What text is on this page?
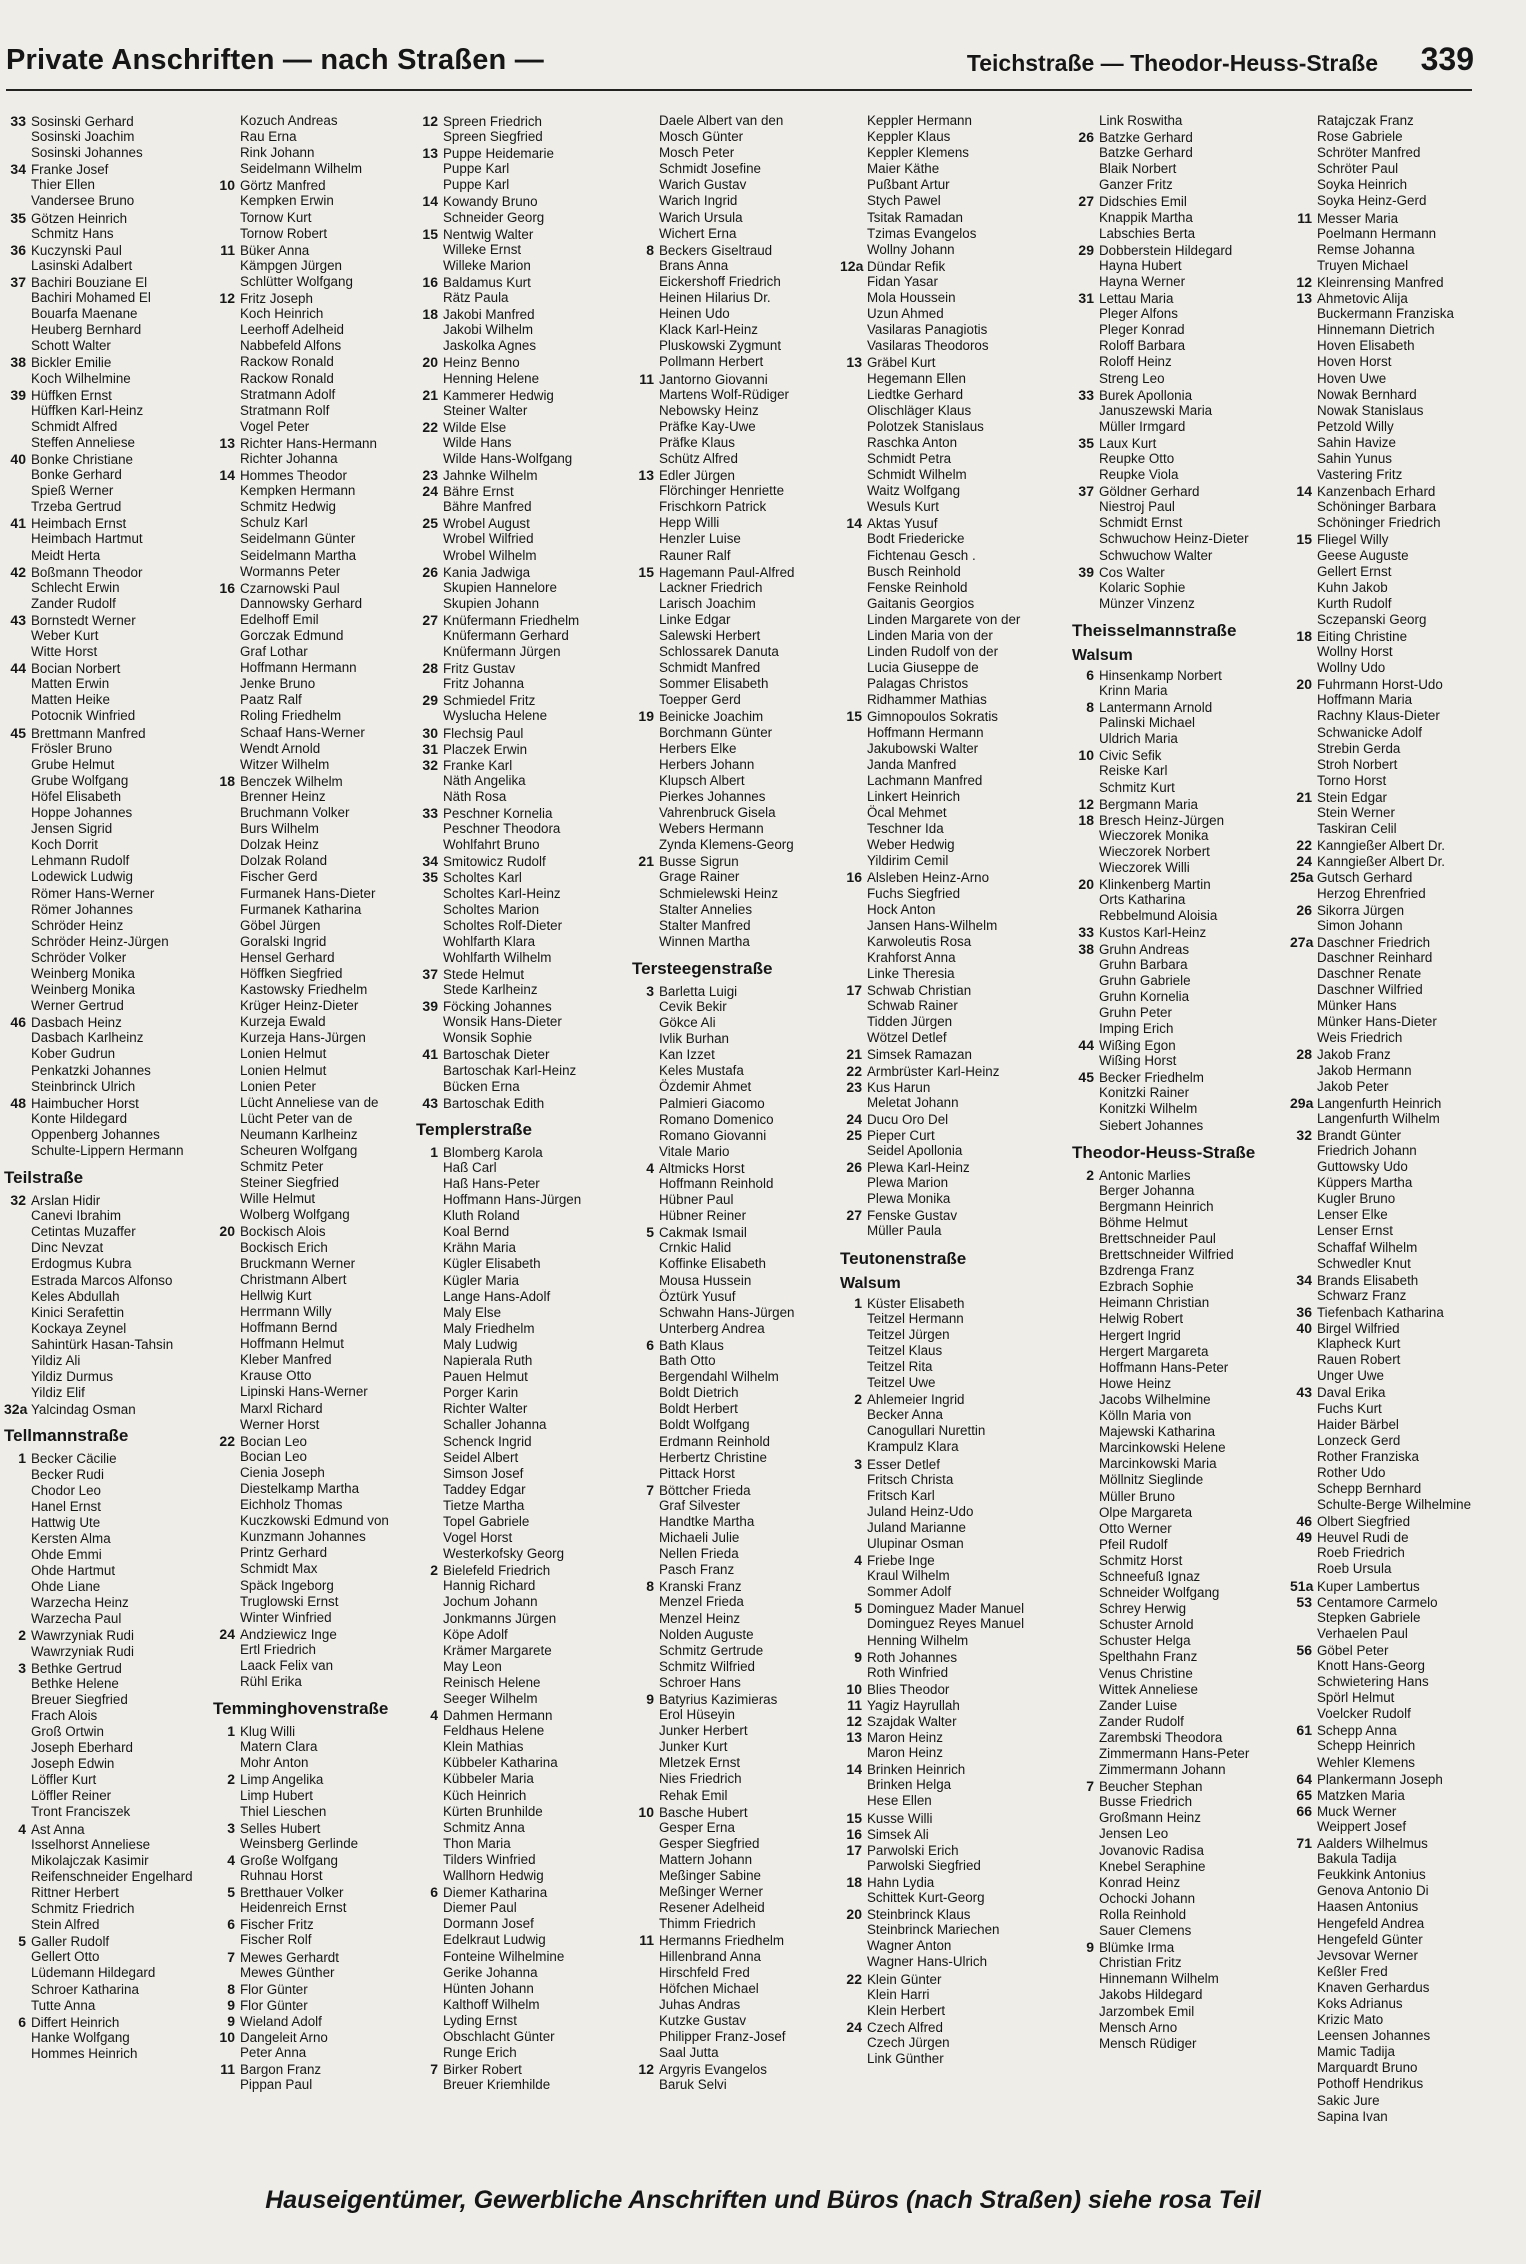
Private Anschriften — nach Straßen —	Teichstraße — Theodor-Heuss-Straße 339
33 Sosinski Gerhard
Sosinski Joachim
Sosinski Johannes
34 Franke Josef
Thier Ellen
Vandersee Bruno
35 Götzen Heinrich
Schmitz Hans
36 Kuczynski Paul
Lasinski Adalbert
37 Bachiri Bouziane El
Bachiri Mohamed El
Bouarfa Maenane
Heuberg Bernhard
Schott Walter
38 Bickler Emilie
Koch Wilhelmine
39 Hüffken Ernst
Hüffken Karl-Heinz
Schmidt Alfred
Steffen Anneliese
40 Bonke Christiane
Bonke Gerhard
Spieß Werner
Trzeba Gertrud
41 Heimbach Ernst
Heimbach Hartmut
Meidt Herta
42 Boßmann Theodor
Schlecht Erwin
Zander Rudolf
43 Bornstedt Werner
Weber Kurt
Witte Horst
44 Bocian Norbert
Matten Erwin
Matten Heike
Potocnik Winfried
45 Brettmann Manfred
Frösler Bruno
Grube Helmut
Grube Wolfgang
Höfel Elisabeth
Hoppe Johannes
Jensen Sigrid
Koch Dorrit
Lehmann Rudolf
Lodewick Ludwig
Römer Hans-Werner
Römer Johannes
Schröder Heinz
Schröder Heinz-Jürgen
Schröder Volker
Weinberg Monika
Weinberg Monika
Werner Gertrud
46 Dasbach Heinz
Dasbach Karlheinz
Kober Gudrun
Penkatzki Johannes
Steinbrinck Ulrich
48 Haimbucher Horst
Konte Hildegard
Oppenberg Johannes
Schulte-Lippern Hermann
Teilstraße
32 Arslan Hidir
Canevi Ibrahim
Cetintas Muzaffer
Dinc Nevzat
Erdogmus Kubra
Estrada Marcos Alfonso
Keles Abdullah
Kinici Serafettin
Kockaya Zeynel
Sahintürk Hasan-Tahsin
Yildiz Ali
Yildiz Durmus
Yildiz Elif
32a Yalcindag Osman
Tellmannstraße
1 Becker Cäcilie
Becker Rudi
Chodor Leo
Hanel Ernst
Hattwig Ute
Kersten Alma
Ohde Emmi
Ohde Hartmut
Ohde Liane
Warzecha Heinz
Warzecha Paul
2 Wawrzyniak Rudi
Wawrzyniak Rudi
3 Bethke Gertrud
Bethke Helene
Breuer Siegfried
Frach Alois
Groß Ortwin
Joseph Eberhard
Joseph Edwin
Löffler Kurt
Löffler Reiner
Tront Franciszek
4 Ast Anna
Isselhorst Anneliese
Mikolajczak Kasimir
Reifenschneider Engelhard
Rittner Herbert
Schmitz Friedrich
Stein Alfred
5 Galler Rudolf
Gellert Otto
Lüdemann Hildegard
Schroer Katharina
Tutte Anna
6 Differt Heinrich
Hanke Wolfgang
Hommes Heinrich
Kozuch Andreas
Rau Erna
Rink Johann
Seidelmann Wilhelm
10 Görtz Manfred
Kempken Erwin
Tornow Kurt
Tornow Robert
11 Büker Anna
Kämpgen Jürgen
Schlütter Wolfgang
12 Fritz Joseph
Koch Heinrich
Leerhoff Adelheid
Nabbefeld Alfons
Rackow Ronald
Rackow Ronald
Stratmann Adolf
Stratmann Rolf
Vogel Peter
13 Richter Hans-Hermann
Richter Johanna
14 Hommes Theodor
Kempken Hermann
Schmitz Hedwig
Schulz Karl
Seidelmann Günter
Seidelmann Martha
Wormanns Peter
16 Czarnowski Paul
Dannowsky Gerhard
Edelhoff Emil
Gorczak Edmund
Graf Lothar
Hoffmann Hermann
Jenke Bruno
Paatz Ralf
Roling Friedhelm
Schaaf Hans-Werner
Wendt Arnold
Witzer Wilhelm
18 Benczek Wilhelm
Brenner Heinz
Bruchmann Volker
Burs Wilhelm
Dolzak Heinz
Dolzak Roland
Fischer Gerd
Furmanek Hans-Dieter
Furmanek Katharina
Göbel Jürgen
Goralski Ingrid
Hensel Gerhard
Höffken Siegfried
Kastowsky Friedhelm
Krüger Heinz-Dieter
Kurzeja Ewald
Kurzeja Hans-Jürgen
Lonien Helmut
Lonien Helmut
Lonien Peter
Lücht Anneliese van de
Lücht Peter van de
Neumann Karlheinz
Scheuren Wolfgang
Schmitz Peter
Steiner Siegfried
Wille Helmut
Wolberg Wolfgang
20 Bockisch Alois
Bockisch Erich
Bruckmann Werner
Christmann Albert
Hellwig Kurt
Herrmann Willy
Hoffmann Bernd
Hoffmann Helmut
Kleber Manfred
Krause Otto
Lipinski Hans-Werner
Marxl Richard
Werner Horst
22 Bocian Leo
Bocian Leo
Cienia Joseph
Diestelkamp Martha
Eichholz Thomas
Kuczkowski Edmund von
Kunzmann Johannes
Printz Gerhard
Schmidt Max
Späck Ingeborg
Truglowski Ernst
Winter Winfried
24 Andziewicz Inge
Ertl Friedrich
Laack Felix van
Rühl Erika
Temminghovenstraße
1 Klug Willi
Matern Clara
Mohr Anton
2 Limp Angelika
Limp Hubert
Thiel Lieschen
3 Selles Hubert
Weinsberg Gerlinde
4 Große Wolfgang
Ruhnau Horst
5 Bretthauer Volker
Heidenreich Ernst
6 Fischer Fritz
Fischer Rolf
7 Mewes Gerhardt
Mewes Günther
8 Flor Günter
9 Flor Günter
9 Wieland Adolf
10 Dangeleit Arno
Peter Anna
11 Bargon Franz
Pippan Paul
12 Spreen Friedrich
Spreen Siegfried
13 Puppe Heidemarie
Puppe Karl
Puppe Karl
14 Kowandy Bruno
Schneider Georg
15 Nentwig Walter
Willeke Ernst
Willeke Marion
16 Baldamus Kurt
Rätz Paula
18 Jakobi Manfred
Jakobi Wilhelm
Jaskolka Agnes
20 Heinz Benno
Henning Helene
21 Kammerer Hedwig
Steiner Walter
22 Wilde Else
Wilde Hans
Wilde Hans-Wolfgang
23 Jahnke Wilhelm
24 Bähre Ernst
Bähre Manfred
25 Wrobel August
Wrobel Wilfried
Wrobel Wilhelm
26 Kania Jadwiga
Skupien Hannelore
Skupien Johann
27 Knüfermann Friedhelm
Knüfermann Gerhard
Knüfermann Jürgen
28 Fritz Gustav
Fritz Johanna
29 Schmiedel Fritz
Wysluchа Helene
30 Flechsig Paul
31 Placzek Erwin
32 Franke Karl
Näth Angelika
Näth Rosa
33 Peschner Kornelia
Peschner Theodora
Wohlfahrt Bruno
34 Smitowicz Rudolf
35 Scholtes Karl
Scholtes Karl-Heinz
Scholtes Marion
Scholtes Rolf-Dieter
Wohlfarth Klara
Wohlfarth Wilhelm
37 Stede Helmut
Stede Karlheinz
39 Föcking Johannes
Wonsik Hans-Dieter
Wonsik Sophie
41 Bartoschak Dieter
Bartoschak Karl-Heinz
Bücken Erna
43 Bartoschak Edith
Templerstraße
1 Blomberg Karola
Haß Carl
Haß Hans-Peter
Hoffmann Hans-Jürgen
Kluth Roland
Koal Bernd
Krähn Maria
Kügler Elisabeth
Kügler Maria
Lange Hans-Adolf
Maly Else
Maly Friedhelm
Maly Ludwig
Napierala Ruth
Pauen Helmut
Porger Karin
Richter Walter
Schaller Johanna
Schenck Ingrid
Seidel Albert
Simson Josef
Taddey Edgar
Tietze Martha
Topel Gabriele
Vogel Horst
Westerkofsky Georg
2 Bielefeld Friedrich
Hannig Richard
Jochum Johann
Jonkmanns Jürgen
Köpe Adolf
Krämer Margarete
May Leon
Reinisch Helene
Seeger Wilhelm
4 Dahmen Hermann
Feldhaus Helene
Klein Mathias
Kübbeler Katharina
Kübbeler Maria
Küch Heinrich
Kürten Brunhilde
Schmitz Anna
Thon Maria
Tilders Winfried
Wallhorn Hedwig
6 Diemer Katharina
Diemer Paul
Dormann Josef
Edelkraut Ludwig
Fonteine Wilhelmine
Gerike Johanna
Hünten Johann
Kalthoff Wilhelm
Lyding Ernst
Obschlacht Günter
Runge Erich
7 Birker Robert
Breuer Kriemhilde
Daele Albert van den
Mosch Günter
Mosch Peter
Schmidt Josefine
Warich Gustav
Warich Ingrid
Warich Ursula
Wichert Erna
8 Beckers Giseltraud
Brans Anna
Eickershoff Friedrich
Heinen Hilarius Dr.
Heinen Udo
Klack Karl-Heinz
Pluskowski Zygmunt
Pollmann Herbert
11 Jantorno Giovanni
Martens Wolf-Rüdiger
Nebowsky Heinz
Präfke Kay-Uwe
Präfke Klaus
Schütz Alfred
13 Edler Jürgen
Flörchinger Henriette
Frischkorn Patrick
Hepp Willi
Henzler Luise
Rauner Ralf
15 Hagemann Paul-Alfred
Lackner Friedrich
Larisch Joachim
Linke Edgar
Salewski Herbert
Schlossarek Danuta
Schmidt Manfred
Sommer Elisabeth
Toepper Gerd
19 Beinicke Joachim
Borchmann Günter
Herbers Elke
Herbers Johann
Klupsch Albert
Pierkes Johannes
Vahrenbruck Gisela
Webers Hermann
Zynda Klemens-Georg
21 Busse Sigrun
Grage Rainer
Schmielewski Heinz
Stalter Annelies
Stalter Manfred
Winnen Martha
Tersteegenstraße
3 Barletta Luigi
Cevik Bekir
Gökce Ali
Ivlik Burhan
Kan Izzet
Keles Mustafa
Özdemir Ahmet
Palmieri Giacomo
Romano Domenico
Romano Giovanni
Vitale Mario
4 Altmicks Horst
Hoffmann Reinhold
Hübner Paul
Hübner Reiner
5 Cakmak Ismail
Crnkic Halid
Koffinke Elisabeth
Mousa Hussein
Öztürk Yusuf
Schwahn Hans-Jürgen
Unterberg Andrea
6 Bath Klaus
Bath Otto
Bergendahl Wilhelm
Boldt Dietrich
Boldt Herbert
Boldt Wolfgang
Erdmann Reinhold
Herbertz Christine
Pittack Horst
7 Böttcher Frieda
Graf Silvester
Handtke Martha
Michaeli Julie
Nellen Frieda
Pasch Franz
8 Kranski Franz
Menzel Frieda
Menzel Heinz
Nolden Auguste
Schmitz Gertrude
Schmitz Wilfried
Schroer Hans
9 Batyrius Kazimieras
Erol Hüseyin
Junker Herbert
Junker Kurt
Mletzek Ernst
Nies Friedrich
Rehak Emil
10 Basche Hubert
Gesper Erna
Gesper Siegfried
Mattern Johann
Meßinger Sabine
Meßinger Werner
Resener Adelheid
Thimm Friedrich
11 Hermanns Friedhelm
Hillenbrand Anna
Hirschfeld Fred
Höfchen Michael
Juhas Andras
Kutzke Gustav
Philipper Franz-Josef
Saal Jutta
12 Argyris Evangelos
Baruk Selvi
Keppler Hermann
Keppler Klaus
Keppler Klemens
Maier Käthe
Pußbant Artur
Stych Pawel
Tsitak Ramadan
Tzimas Evangelos
Wollny Johann
12a Dündar Refik
Fidan Yasar
Mola Houssein
Uzun Ahmed
Vasilaras Panagiotis
Vasilaras Theodoros
13 Gräbel Kurt
Hegemann Ellen
Liedtke Gerhard
Olischläger Klaus
Polotzek Stanislaus
Raschka Anton
Schmidt Petra
Schmidt Wilhelm
Waitz Wolfgang
Wesuls Kurt
14 Aktas Yusuf
Bodt Friedericke
Fichtenau Gesch .
Busch Reinhold
Fenske Reinhold
Gaitanis Georgios
Linden Margarete von der
Linden Maria von der
Linden Rudolf von der
Lucia Giuseppe de
Palagas Christos
Ridhammer Mathias
15 Gimnopoulos Sokratis
Hoffmann Hermann
Jakubowski Walter
Janda Manfred
Lachmann Manfred
Linkert Heinrich
Öcal Mehmet
Teschner Ida
Weber Hedwig
Yildirim Cemil
16 Alsleben Heinz-Arno
Fuchs Siegfried
Hock Anton
Jansen Hans-Wilhelm
Karwoleutis Rosa
Krahforst Anna
Linke Theresia
17 Schwab Christian
Schwab Rainer
Tidden Jürgen
Wötzel Detlef
21 Simsek Ramazan
22 Armbrüster Karl-Heinz
23 Kus Harun
Meletat Johann
24 Ducu Oro Del
25 Pieper Curt
Seidel Apollonia
26 Plewa Karl-Heinz
Plewa Marion
Plewa Monika
27 Fenske Gustav
Müller Paula
Teutonenstraße
Walsum
1 Küster Elisabeth
Teitzel Hermann
Teitzel Jürgen
Teitzel Klaus
Teitzel Rita
Teitzel Uwe
2 Ahlemeier Ingrid
Becker Anna
Canogullari Nurettin
Krampulz Klara
3 Esser Detlef
Fritsch Christa
Fritsch Karl
Juland Heinz-Udo
Juland Marianne
Ulupinar Osman
4 Friebe Inge
Kraul Wilhelm
Sommer Adolf
5 Dominguez Mader Manuel
Dominguez Reyes Manuel
Henning Wilhelm
9 Roth Johannes
Roth Winfried
10 Blies Theodor
11 Yagiz Hayrullah
12 Szajdak Walter
13 Maron Heinz
Maron Heinz
14 Brinken Heinrich
Brinken Helga
Hese Ellen
15 Kusse Willi
16 Simsek Ali
17 Parwolski Erich
Parwolski Siegfried
18 Hahn Lydia
Schittek Kurt-Georg
20 Steinbrinck Klaus
Steinbrinck Mariechen
Wagner Anton
Wagner Hans-Ulrich
22 Klein Günter
Klein Harri
Klein Herbert
24 Czech Alfred
Czech Jürgen
Link Günther
Link Roswitha
26 Batzke Gerhard
Batzke Gerhard
Blaik Norbert
Ganzer Fritz
27 Didschies Emil
Knappik Martha
Labschies Berta
29 Dobberstein Hildegard
Hayna Hubert
Hayna Werner
31 Lettau Maria
Pleger Alfons
Pleger Konrad
Roloff Barbara
Roloff Heinz
Streng Leo
33 Burek Apollonia
Januszewski Maria
Müller Irmgard
35 Laux Kurt
Reupke Otto
Reupke Viola
37 Göldner Gerhard
Niestroj Paul
Schmidt Ernst
Schwuchow Heinz-Dieter
Schwuchow Walter
39 Cos Walter
Kolaric Sophie
Münzer Vinzenz
Theisselmannstraße
Walsum
6 Hinsenkamp Norbert
Krinn Maria
8 Lantermann Arnold
Palinski Michael
Uldrich Maria
10 Civic Sefik
Reiske Karl
Schmitz Kurt
12 Bergmann Maria
18 Bresch Heinz-Jürgen
Wieczorek Monika
Wieczorek Norbert
Wieczorek Willi
20 Klinkenberg Martin
Orts Katharina
Rebbelmund Aloisia
33 Kustos Karl-Heinz
38 Gruhn Andreas
Gruhn Barbara
Gruhn Gabriele
Gruhn Kornelia
Gruhn Peter
Imping Erich
44 Wißing Egon
Wißing Horst
45 Becker Friedhelm
Konitzki Rainer
Konitzki Wilhelm
Siebert Johannes
Theodor-Heuss-Straße
2 Antonic Marlies
Berger Johanna
Bergmann Heinrich
Böhme Helmut
Brettschneider Paul
Brettschneider Wilfried
Bzdrenga Franz
Ezbrach Sophie
Heimann Christian
Helwig Robert
Hergert Ingrid
Hergert Margareta
Hoffmann Hans-Peter
Howe Heinz
Jacobs Wilhelmine
Kölln Maria von
Majewski Katharina
Marcinkowski Helene
Marcinkowski Maria
Möllnitz Sieglinde
Müller Bruno
Olpe Margareta
Otto Werner
Pfeil Rudolf
Schmitz Horst
Schneefuß Ignaz
Schneider Wolfgang
Schrey Herwig
Schuster Arnold
Schuster Helga
Spelthahn Franz
Venus Christine
Wittek Anneliese
Zander Luise
Zander Rudolf
Zarembski Theodora
Zimmermann Hans-Peter
Zimmermann Johann
7 Beucher Stephan
Busse Friedrich
Großmann Heinz
Jensen Leo
Jovanovic Radisa
Knebel Seraphine
Konrad Heinz
Ochocki Johann
Rolla Reinhold
Sauer Clemens
9 Blümke Irma
Christian Fritz
Hinnemann Wilhelm
Jakobs Hildegard
Jarzombek Emil
Mensch Arno
Mensch Rüdiger
Ratajczak Franz
Rose Gabriele
Schröter Manfred
Schröter Paul
Soyka Heinrich
Soyka Heinz-Gerd
11 Messer Maria
Poelmann Hermann
Remse Johanna
Truyen Michael
12 Kleinrensing Manfred
13 Ahmetovic Alija
Buckermann Franziska
Hinnemann Dietrich
Hoven Elisabeth
Hoven Horst
Hoven Uwe
Nowak Bernhard
Nowak Stanislaus
Petzold Willy
Sahin Havize
Sahin Yunus
Vastering Fritz
14 Kanzenbach Erhard
Schöninger Barbara
Schöninger Friedrich
15 Fliegel Willy
Geese Auguste
Gellert Ernst
Kuhn Jakob
Kurth Rudolf
Sczepanski Georg
18 Eiting Christine
Wollny Horst
Wollny Udo
20 Fuhrmann Horst-Udo
Hoffmann Maria
Rachny Klaus-Dieter
Schwanicke Adolf
Strebin Gerda
Stroh Norbert
Torno Horst
21 Stein Edgar
Stein Werner
Taskiran Celil
22 Kanngießer Albert Dr.
24 Kanngießer Albert Dr.
25a Gutsch Gerhard
Herzog Ehrenfried
26 Sikorra Jürgen
Simon Johann
27a Daschner Friedrich
Daschner Reinhard
Daschner Renate
Daschner Wilfried
Münker Hans
Münker Hans-Dieter
Weis Friedrich
28 Jakob Franz
Jakob Hermann
Jakob Peter
29a Langenfurth Heinrich
Langenfurth Wilhelm
32 Brandt Günter
Friedrich Johann
Guttowsky Udo
Küppers Martha
Kugler Bruno
Lenser Elke
Lenser Ernst
Schaffaf Wilhelm
Schwedler Knut
34 Brands Elisabeth
Schwarz Franz
36 Tiefenbach Katharina
40 Birgel Wilfried
Klapheck Kurt
Rauen Robert
Unger Uwe
43 Daval Erika
Fuchs Kurt
Haider Bärbel
Lonzeck Gerd
Rother Franziska
Rother Udo
Schepp Bernhard
Schulte-Berge Wilhelmine
46 Olbert Siegfried
49 Heuvel Rudi de
Roeb Friedrich
Roeb Ursula
51a Kuper Lambertus
53 Centamore Carmelo
Stepken Gabriele
Verhaelen Paul
56 Göbel Peter
Knott Hans-Georg
Schwietering Hans
Spörl Helmut
Voelcker Rudolf
61 Schepp Anna
Schepp Heinrich
Wehler Klemens
64 Plankermann Joseph
65 Matzken Maria
66 Muck Werner
Weippert Josef
71 Aalders Wilhelmus
Bakula Tadija
Feukkink Antonius
Genova Antonio Di
Haasen Antonius
Hengefeld Andrea
Hengefeld Günter
Jevsovar Werner
Keßler Fred
Knaven Gerhardus
Koks Adrianus
Krizic Mato
Leensen Johannes
Mamic Tadija
Marquardt Bruno
Pothoff Hendrikus
Sakic Jure
Sapina Ivan
Hauseigentümer, Gewerbliche Anschriften und Büros (nach Straßen) siehe rosa Teil
